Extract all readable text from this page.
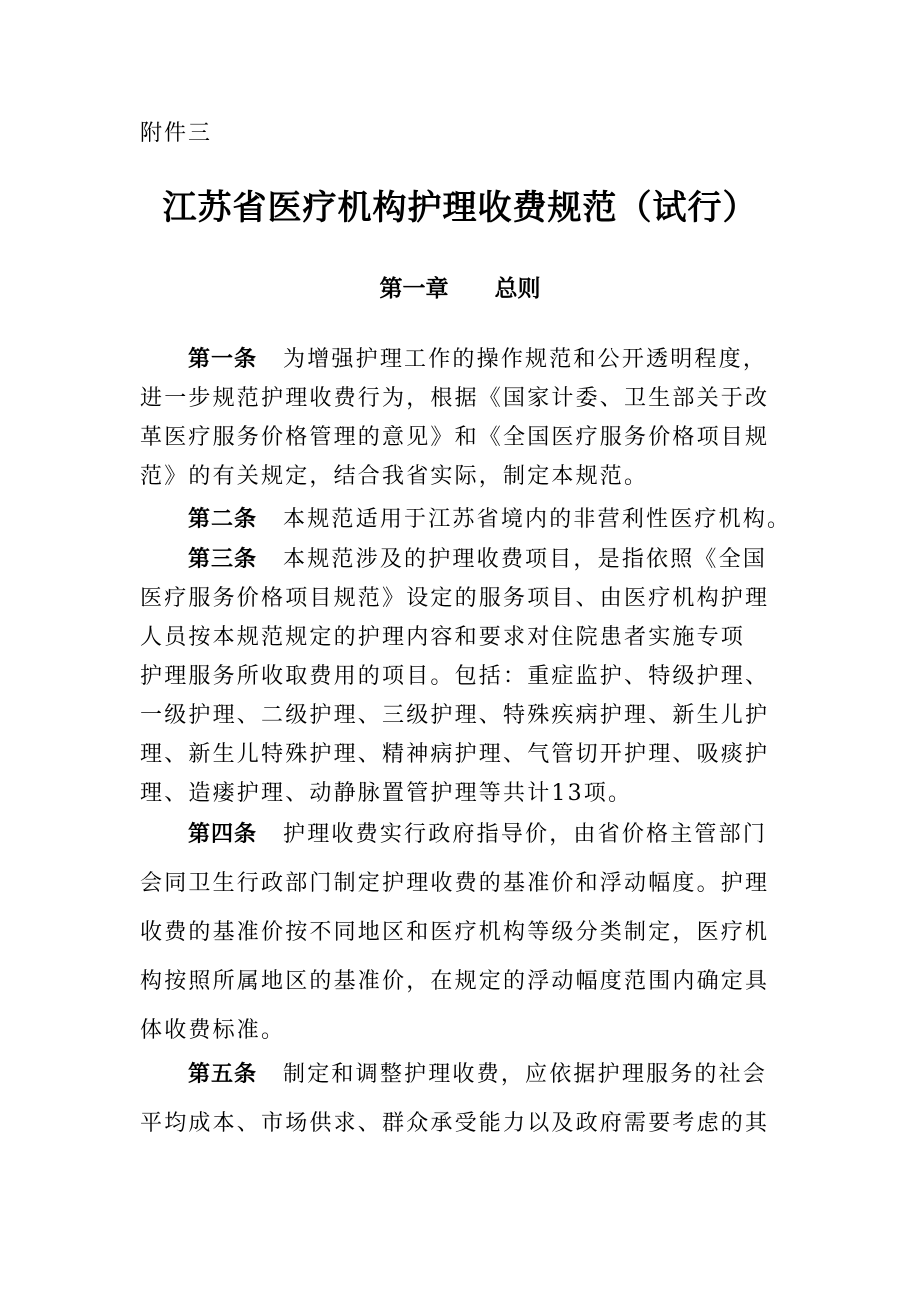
附件三
江苏省医疗机构护理收费规范（试行）
第一章 总则
第一条 为增强护理工作的操作规范和公开透明程度，
进一步规范护理收费行为，根据《国家计委、卫生部关于改
革医疗服务价格管理的意见》和《全国医疗服务价格项目规
范》的有关规定，结合我省实际，制定本规范。
第二条 本规范适用于江苏省境内的非营利性医疗机构。
第三条 本规范涉及的护理收费项目，是指依照《全国
医疗服务价格项目规范》设定的服务项目、由医疗机构护理
人员按本规范规定的护理内容和要求对住院患者实施专项
护理服务所收取费用的项目。包括：重症监护、特级护理、
一级护理、二级护理、三级护理、特殊疾病护理、新生儿护
理、新生儿特殊护理、精神病护理、气管切开护理、吸痰护
理、造瘘护理、动静脉置管护理等共计13项。
第四条 护理收费实行政府指导价，由省价格主管部门
会同卫生行政部门制定护理收费的基准价和浮动幅度。护理
收费的基准价按不同地区和医疗机构等级分类制定，医疗机
构按照所属地区的基准价，在规定的浮动幅度范围内确定具
体收费标准。
第五条 制定和调整护理收费，应依据护理服务的社会
平均成本、市场供求、群众承受能力以及政府需要考虑的其
